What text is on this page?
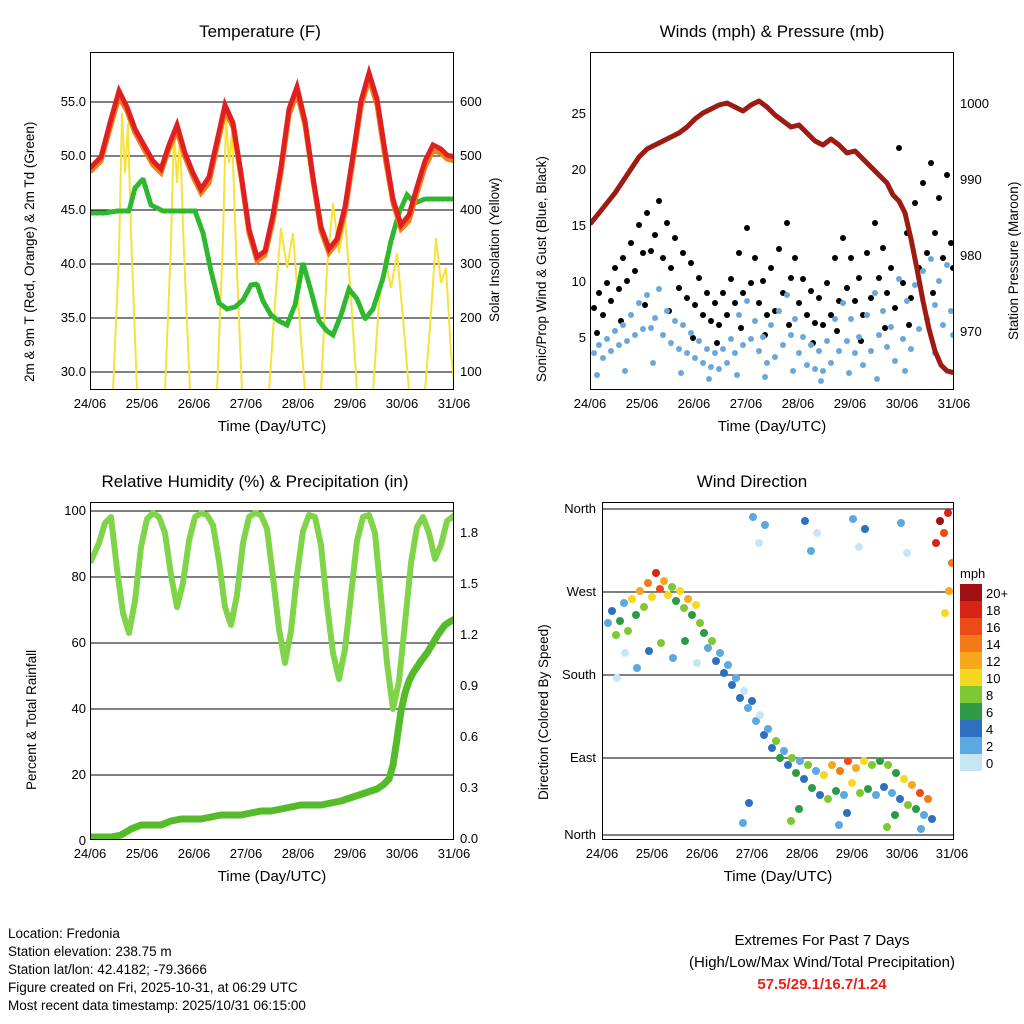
Temperature (F)
2m & 9m T (Red, Orange) & 2m Td (Green)	Solar Insolation (Yellow)
55.0
50.0
45.0
40.0
35.0
30.0
600
500
400
300
200
100
24/06	25/06	26/06	27/06	28/06	29/06	30/06	31/06
Time (Day/UTC)
Winds (mph) & Pressure (mb)
Sonic/Prop Wind & Gust (Blue, Black)	Station Pressure (Maroon)
25
20
15
10
5
1000
990
980
970
24/06	25/06	26/06	27/06	28/06	29/06	30/06	31/06
Time (Day/UTC)
Relative Humidity (%) & Precipitation (in)
Percent & Total Rainfall
100
80
60
40
20
0
1.8
1.5
1.2
0.9
0.6
0.3
0.0
24/06	25/06	26/06	27/06	28/06	29/06	30/06	31/06
Time (Day/UTC)
Wind Direction
Direction (Colored By Speed)
North
West
South
East
North
24/06	25/06	26/06	27/06	28/06	29/06	30/06	31/06
Time (Day/UTC)
mph
20+
18
16
14
12
10
8
6
4
2
0
Location: Fredonia
Station elevation: 238.75 m
Station lat/lon: 42.4182; -79.3666
Figure created on Fri, 2025-10-31, at 06:29 UTC
Most recent data timestamp: 2025/10/31 06:15:00
Extremes For Past 7 Days
(High/Low/Max Wind/Total Precipitation)
57.5/29.1/16.7/1.24
